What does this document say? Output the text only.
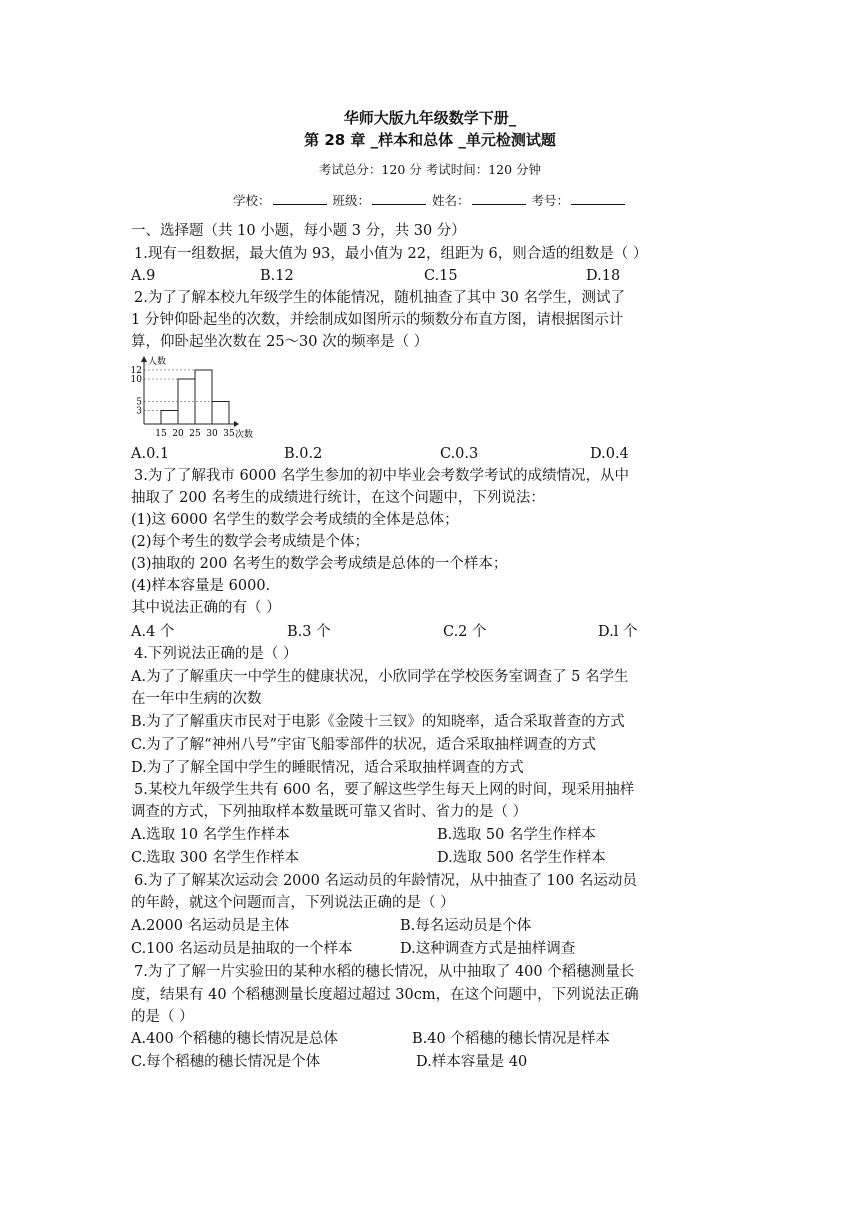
华师大版九年级数学下册_
第 28 章 _样本和总体 _单元检测试题
考试总分：120 分 考试时间：120 分钟
学校：	班级：	姓名：	考号：
一、选择题（共 10 小题，每小题 3 分，共 30 分）
1.现有一组数据，最大值为 93，最小值为 22，组距为 6，则合适的组数是（ ）
A.9	B.12	C.15	D.18
2.为了了解本校九年级学生的体能情况，随机抽查了其中 30 名学生，测试了
1 分钟仰卧起坐的次数，并绘制成如图所示的频数分布直方图，请根据图示计
算，仰卧起坐次数在 25～30 次的频率是（ ）
15 20 25 30 35
3
5
10
12
人数
次数
A.0.1	B.0.2	C.0.3	D.0.4
3.为了了解我市 6000 名学生参加的初中毕业会考数学考试的成绩情况，从中
抽取了 200 名考生的成绩进行统计，在这个问题中，下列说法：
(1)这 6000 名学生的数学会考成绩的全体是总体；
(2)每个考生的数学会考成绩是个体；
(3)抽取的 200 名考生的数学会考成绩是总体的一个样本；
(4)样本容量是 6000.
其中说法正确的有（ ）
A.4 个	B.3 个	C.2 个	D.l 个
4.下列说法正确的是（ ）
A.为了了解重庆一中学生的健康状况，小欣同学在学校医务室调查了 5 名学生
在一年中生病的次数
B.为了了解重庆市民对于电影《金陵十三钗》的知晓率，适合采取普查的方式
C.为了了解“神州八号”宇宙飞船零部件的状况，适合采取抽样调查的方式
D.为了了解全国中学生的睡眠情况，适合采取抽样调查的方式
5.某校九年级学生共有 600 名，要了解这些学生每天上网的时间，现采用抽样
调查的方式，下列抽取样本数量既可靠又省时、省力的是（ ）
A.选取 10 名学生作样本	B.选取 50 名学生作样本
C.选取 300 名学生作样本	D.选取 500 名学生作样本
6.为了了解某次运动会 2000 名运动员的年龄情况，从中抽查了 100 名运动员
的年龄，就这个问题而言，下列说法正确的是（ ）
A.2000 名运动员是主体	B.每名运动员是个体
C.100 名运动员是抽取的一个样本	D.这种调查方式是抽样调查
7.为了了解一片实验田的某种水稻的穗长情况，从中抽取了 400 个稻穗测量长
度，结果有 40 个稻穗测量长度超过超过 30cm，在这个问题中，下列说法正确
的是（ ）
A.400 个稻穗的穗长情况是总体	B.40 个稻穗的穗长情况是样本
C.每个稻穗的穗长情况是个体	D.样本容量是 40
